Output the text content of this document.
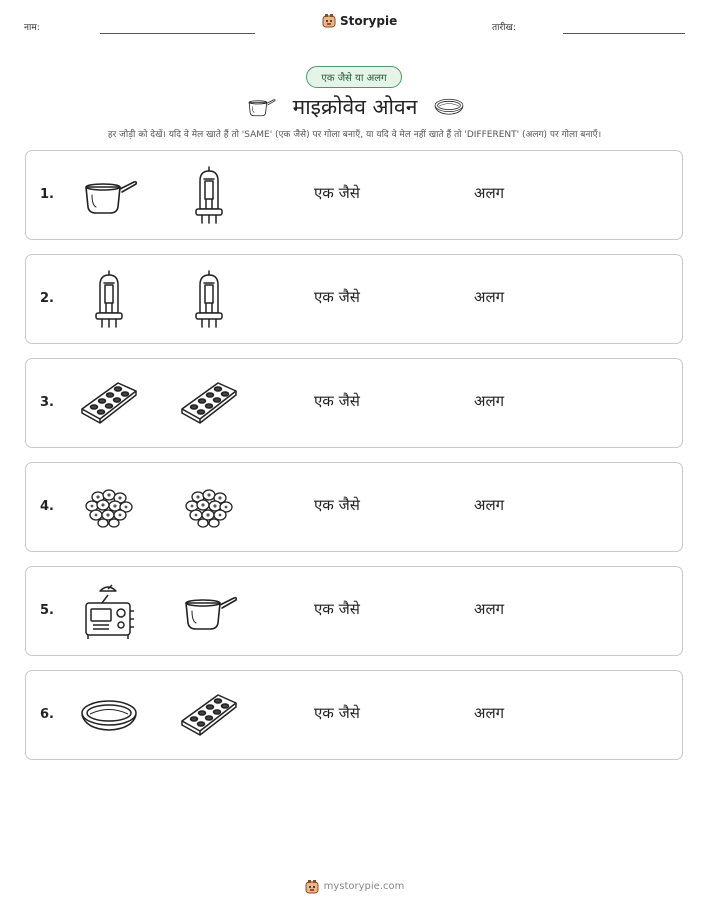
नाम:
Storypie
तारीख:
एक जैसे या अलग
माइक्रोवेव ओवन
हर जोड़ी को देखें। यदि वे मेल खाते हैं तो 'SAME' (एक जैसे) पर गोला बनाएँ, या यदि वे मेल नहीं खाते हैं तो 'DIFFERENT' (अलग) पर गोला बनाएँ।
1.	एक जैसे	अलग
2.	एक जैसे	अलग
3.	एक जैसे	अलग
4.	एक जैसे	अलग
5.	एक जैसे	अलग
6.	एक जैसे	अलग
mystorypie.com
